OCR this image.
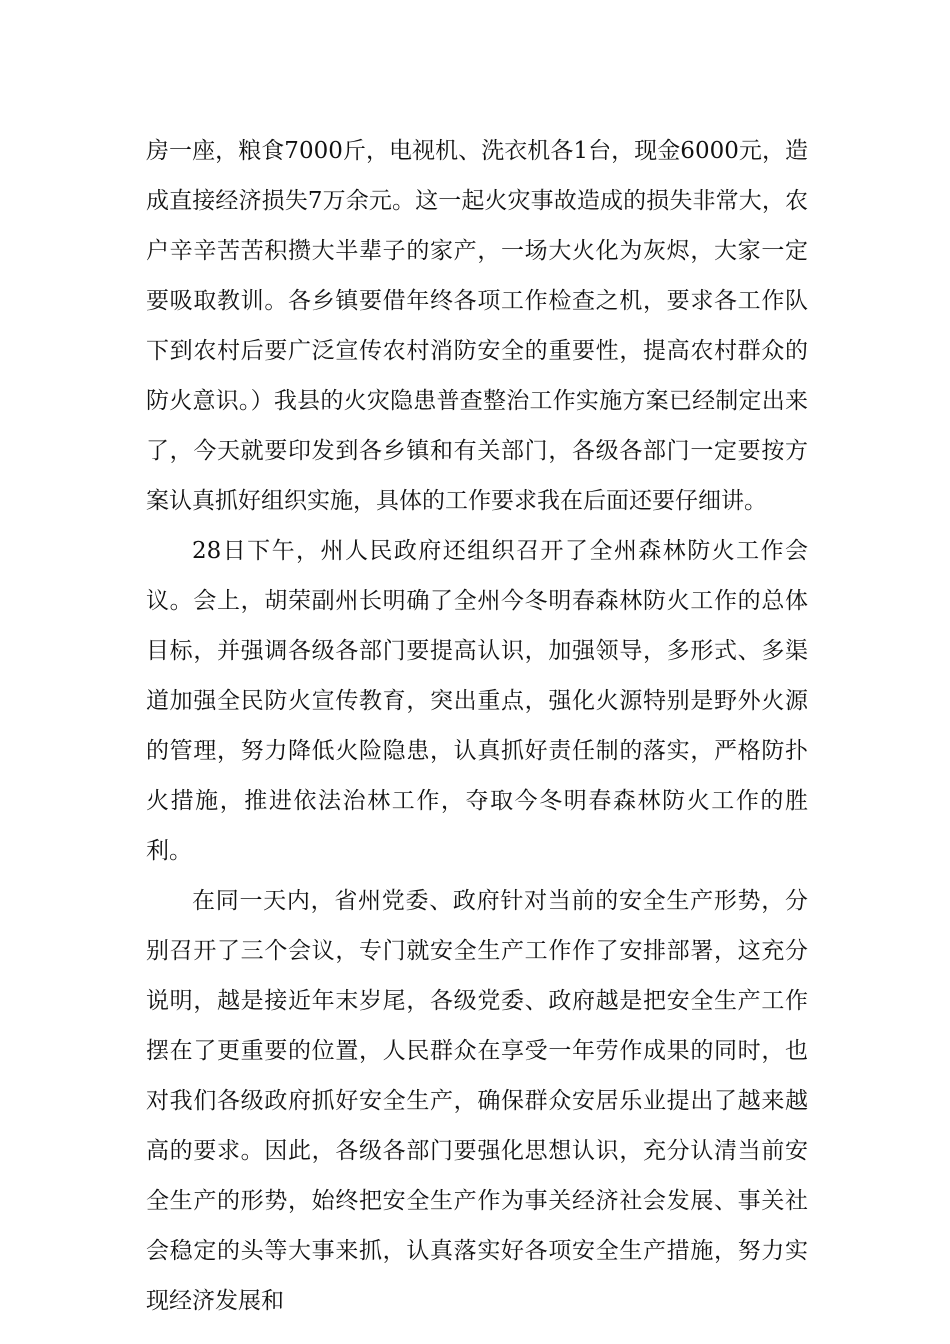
房一座，粮食7000斤，电视机、洗衣机各1台，现金6000元，造成直接经济损失7万余元。这一起火灾事故造成的损失非常大，农户辛辛苦苦积攒大半辈子的家产，一场大火化为灰烬，大家一定要吸取教训。各乡镇要借年终各项工作检查之机，要求各工作队下到农村后要广泛宣传农村消防安全的重要性，提高农村群众的防火意识。）我县的火灾隐患普查整治工作实施方案已经制定出来了，今天就要印发到各乡镇和有关部门，各级各部门一定要按方案认真抓好组织实施，具体的工作要求我在后面还要仔细讲。

28日下午，州人民政府还组织召开了全州森林防火工作会议。会上，胡荣副州长明确了全州今冬明春森林防火工作的总体目标，并强调各级各部门要提高认识，加强领导，多形式、多渠道加强全民防火宣传教育，突出重点，强化火源特别是野外火源的管理，努力降低火险隐患，认真抓好责任制的落实，严格防扑火措施，推进依法治林工作，夺取今冬明春森林防火工作的胜利。

在同一天内，省州党委、政府针对当前的安全生产形势，分别召开了三个会议，专门就安全生产工作作了安排部署，这充分说明，越是接近年末岁尾，各级党委、政府越是把安全生产工作摆在了更重要的位置，人民群众在享受一年劳作成果的同时，也对我们各级政府抓好安全生产，确保群众安居乐业提出了越来越高的要求。因此，各级各部门要强化思想认识，充分认清当前安全生产的形势，始终把安全生产作为事关经济社会发展、事关社会稳定的头等大事来抓，认真落实好各项安全生产措施，努力实现经济发展和
